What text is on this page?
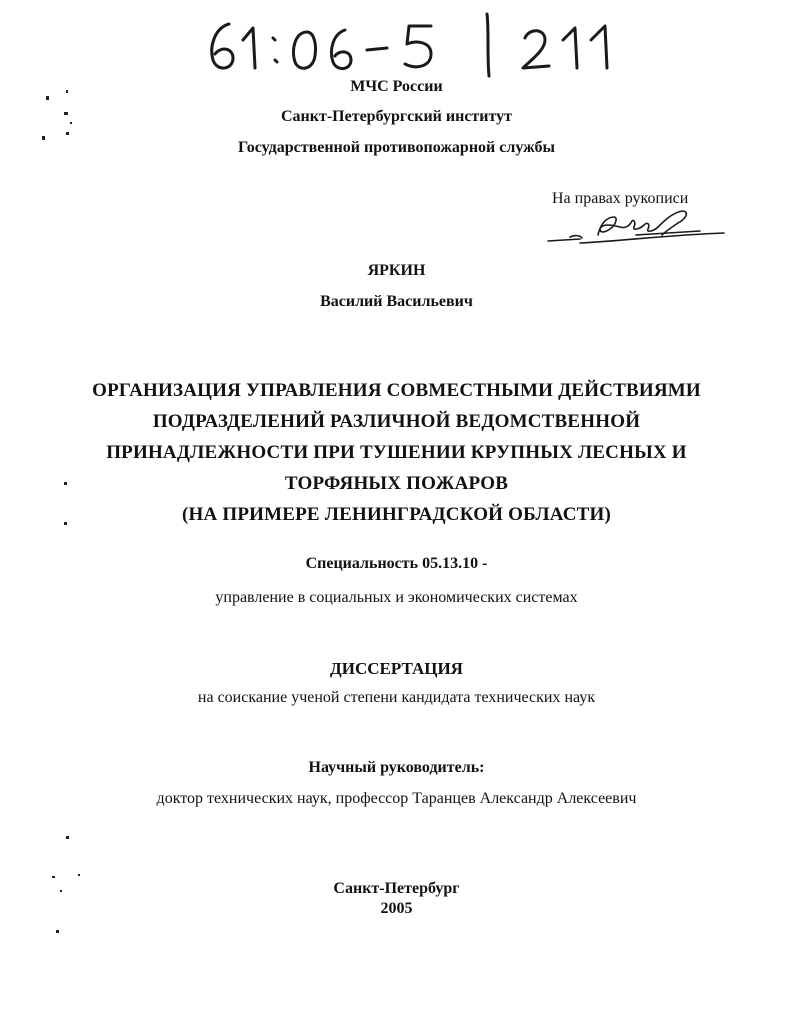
МЧС России
Санкт-Петербургский институт
Государственной противопожарной службы
На правах рукописи
ЯРКИН
Василий Васильевич
ОРГАНИЗАЦИЯ УПРАВЛЕНИЯ СОВМЕСТНЫМИ ДЕЙСТВИЯМИ
ПОДРАЗДЕЛЕНИЙ РАЗЛИЧНОЙ ВЕДОМСТВЕННОЙ
ПРИНАДЛЕЖНОСТИ ПРИ ТУШЕНИИ КРУПНЫХ ЛЕСНЫХ И
ТОРФЯНЫХ ПОЖАРОВ
(НА ПРИМЕРЕ ЛЕНИНГРАДСКОЙ ОБЛАСТИ)
Специальность 05.13.10 -
управление в социальных и экономических системах
ДИССЕРТАЦИЯ
на соискание ученой степени кандидата технических наук
Научный руководитель:
доктор технических наук, профессор Таранцев Александр Алексеевич
Санкт-Петербург
2005
